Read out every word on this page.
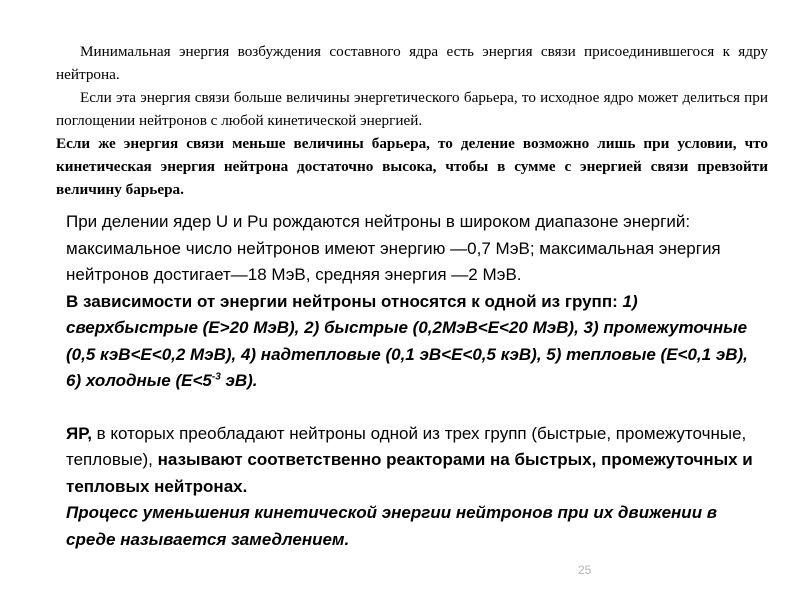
Минимальная энергия возбуждения составного ядра есть энергия связи присоединившегося к ядру нейтрона.

Если эта энергия связи больше величины энергетического барьера, то исходное ядро может делиться при поглощении нейтронов с любой кинетической энергией.

Если же энергия связи меньше величины барьера, то деление возможно лишь при условии, что кинетическая энергия нейтрона достаточно высока, чтобы в сумме с энергией связи превзойти величину барьера.

При делении ядер U и Pu рождаются нейтроны в широком диапазоне энергий: максимальное число нейтронов имеют энергию —0,7 МэВ; максимальная энергия нейтронов достигает—18 МэВ, средняя энергия —2 МэВ.

В зависимости от энергии нейтроны относятся к одной из групп: 1) сверхбыстрые (Е>20 МэВ), 2) быстрые (0,2МэВ<Е<20 МэВ), 3) промежуточные (0,5 кэВ<Е<0,2 МэВ), 4) надтепловые (0,1 эВ<Е<0,5 кэВ), 5) тепловые (Е<0,1 эВ), 6) холодные ($Е<5^{-3}$ эВ).

ЯР, в которых преобладают нейтроны одной из трех групп (быстрые, промежуточные, тепловые), называют соответственно реакторами на быстрых, промежуточных и тепловых нейтронах.

Процесс уменьшения кинетической энергии нейтронов при их движении в среде называется замедлением.

25
